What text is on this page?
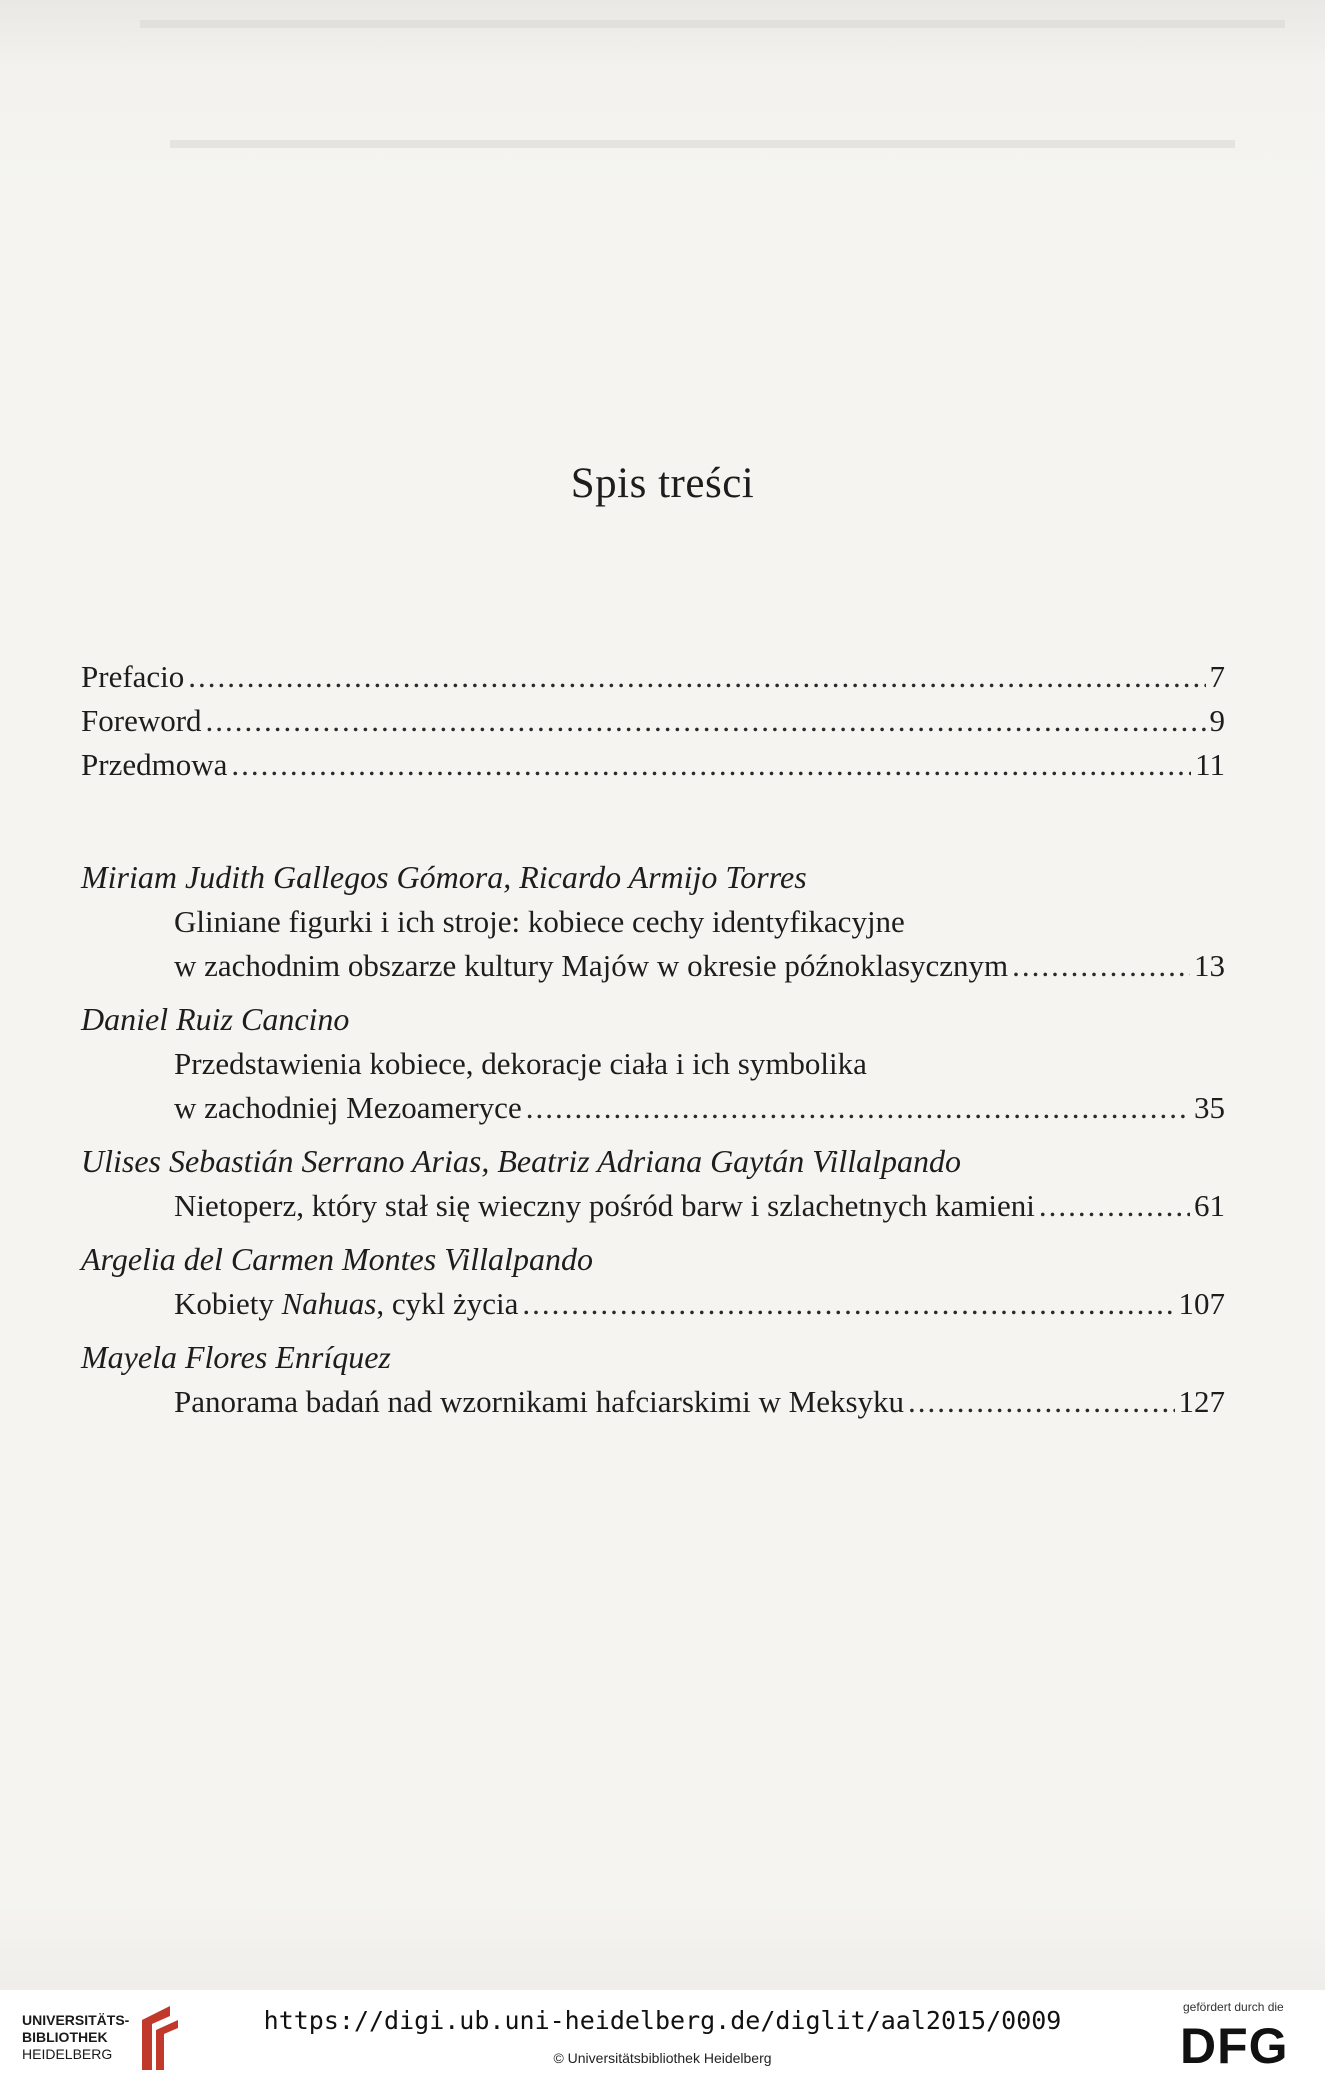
Spis treści
Prefacio .....	7
Foreword .....	9
Przedmowa .....	11
Miriam Judith Gallegos Gómora, Ricardo Armijo Torres
Gliniane figurki i ich stroje: kobiece cechy identyfikacyjne
w zachodnim obszarze kultury Majów w okresie późnoklasycznym .....	13
Daniel Ruiz Cancino
Przedstawienia kobiece, dekoracje ciała i ich symbolika
w zachodniej Mezoameryce .....	35
Ulises Sebastián Serrano Arias, Beatriz Adriana Gaytán Villalpando
Nietoperz, który stał się wieczny pośród barw i szlachetnych kamieni .....	61
Argelia del Carmen Montes Villalpando
Kobiety Nahuas, cykl życia .....	107
Mayela Flores Enríquez
Panorama badań nad wzornikami hafciarskimi w Meksyku .....	127
UNIVERSITÄTS-
BIBLIOTHEK
HEIDELBERG
https://digi.ub.uni-heidelberg.de/diglit/aal2015/0009
© Universitätsbibliothek Heidelberg
gefördert durch die
DFG
